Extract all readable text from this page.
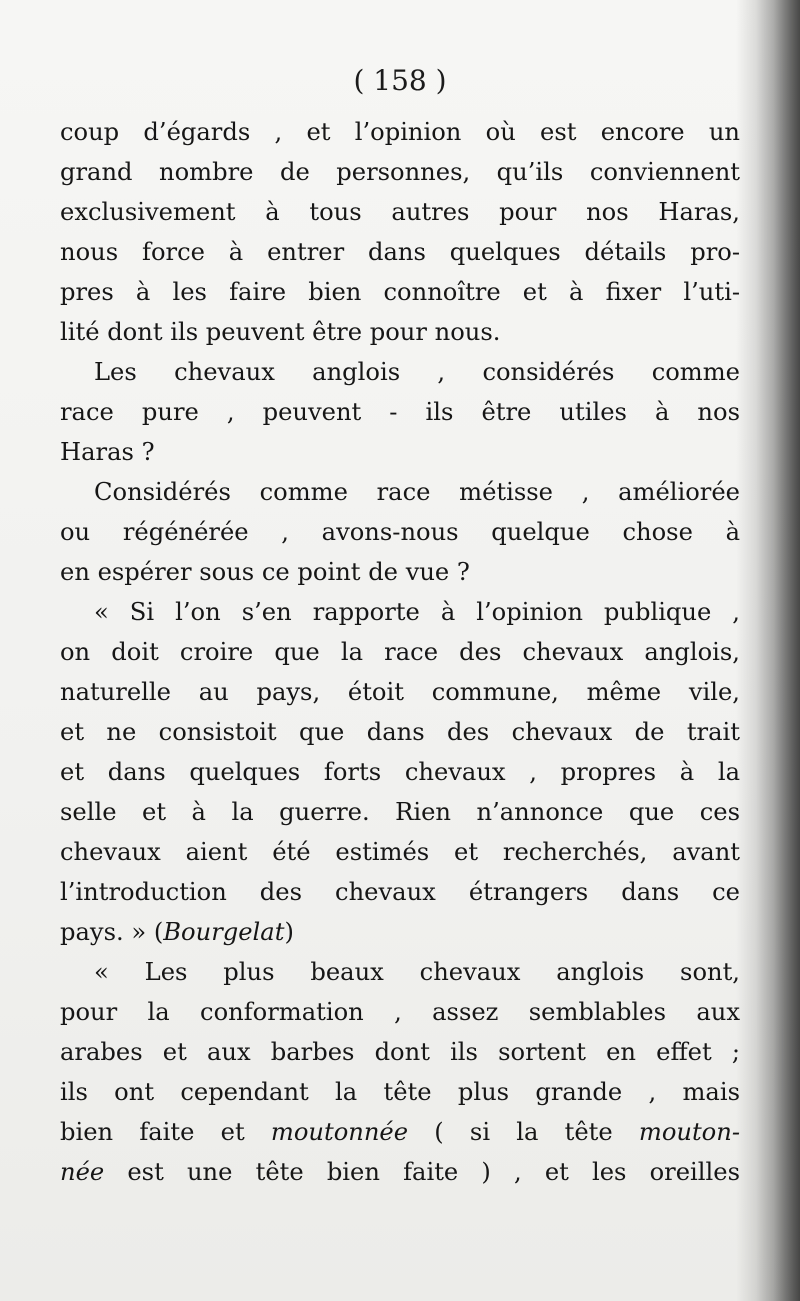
( 158 )
coup d’égards , et l’opinion où est encore un
grand nombre de personnes, qu’ils conviennent
exclusivement à tous autres pour nos Haras,
nous force à entrer dans quelques détails pro-
pres à les faire bien connoître et à fixer l’uti-
lité dont ils peuvent être pour nous.
Les chevaux anglois , considérés comme
race pure , peuvent - ils être utiles à nos
Haras ?
Considérés comme race métisse , améliorée
ou régénérée , avons-nous quelque chose à
en espérer sous ce point de vue ?
« Si l’on s’en rapporte à l’opinion publique ,
on doit croire que la race des chevaux anglois,
naturelle au pays, étoit commune, même vile,
et ne consistoit que dans des chevaux de trait
et dans quelques forts chevaux , propres à la
selle et à la guerre. Rien n’annonce que ces
chevaux aient été estimés et recherchés, avant
l’introduction des chevaux étrangers dans ce
pays. » (Bourgelat)
« Les plus beaux chevaux anglois sont,
pour la conformation , assez semblables aux
arabes et aux barbes dont ils sortent en effet ;
ils ont cependant la tête plus grande , mais
bien faite et moutonnée ( si la tête mouton-
née est une tête bien faite ) , et les oreilles
